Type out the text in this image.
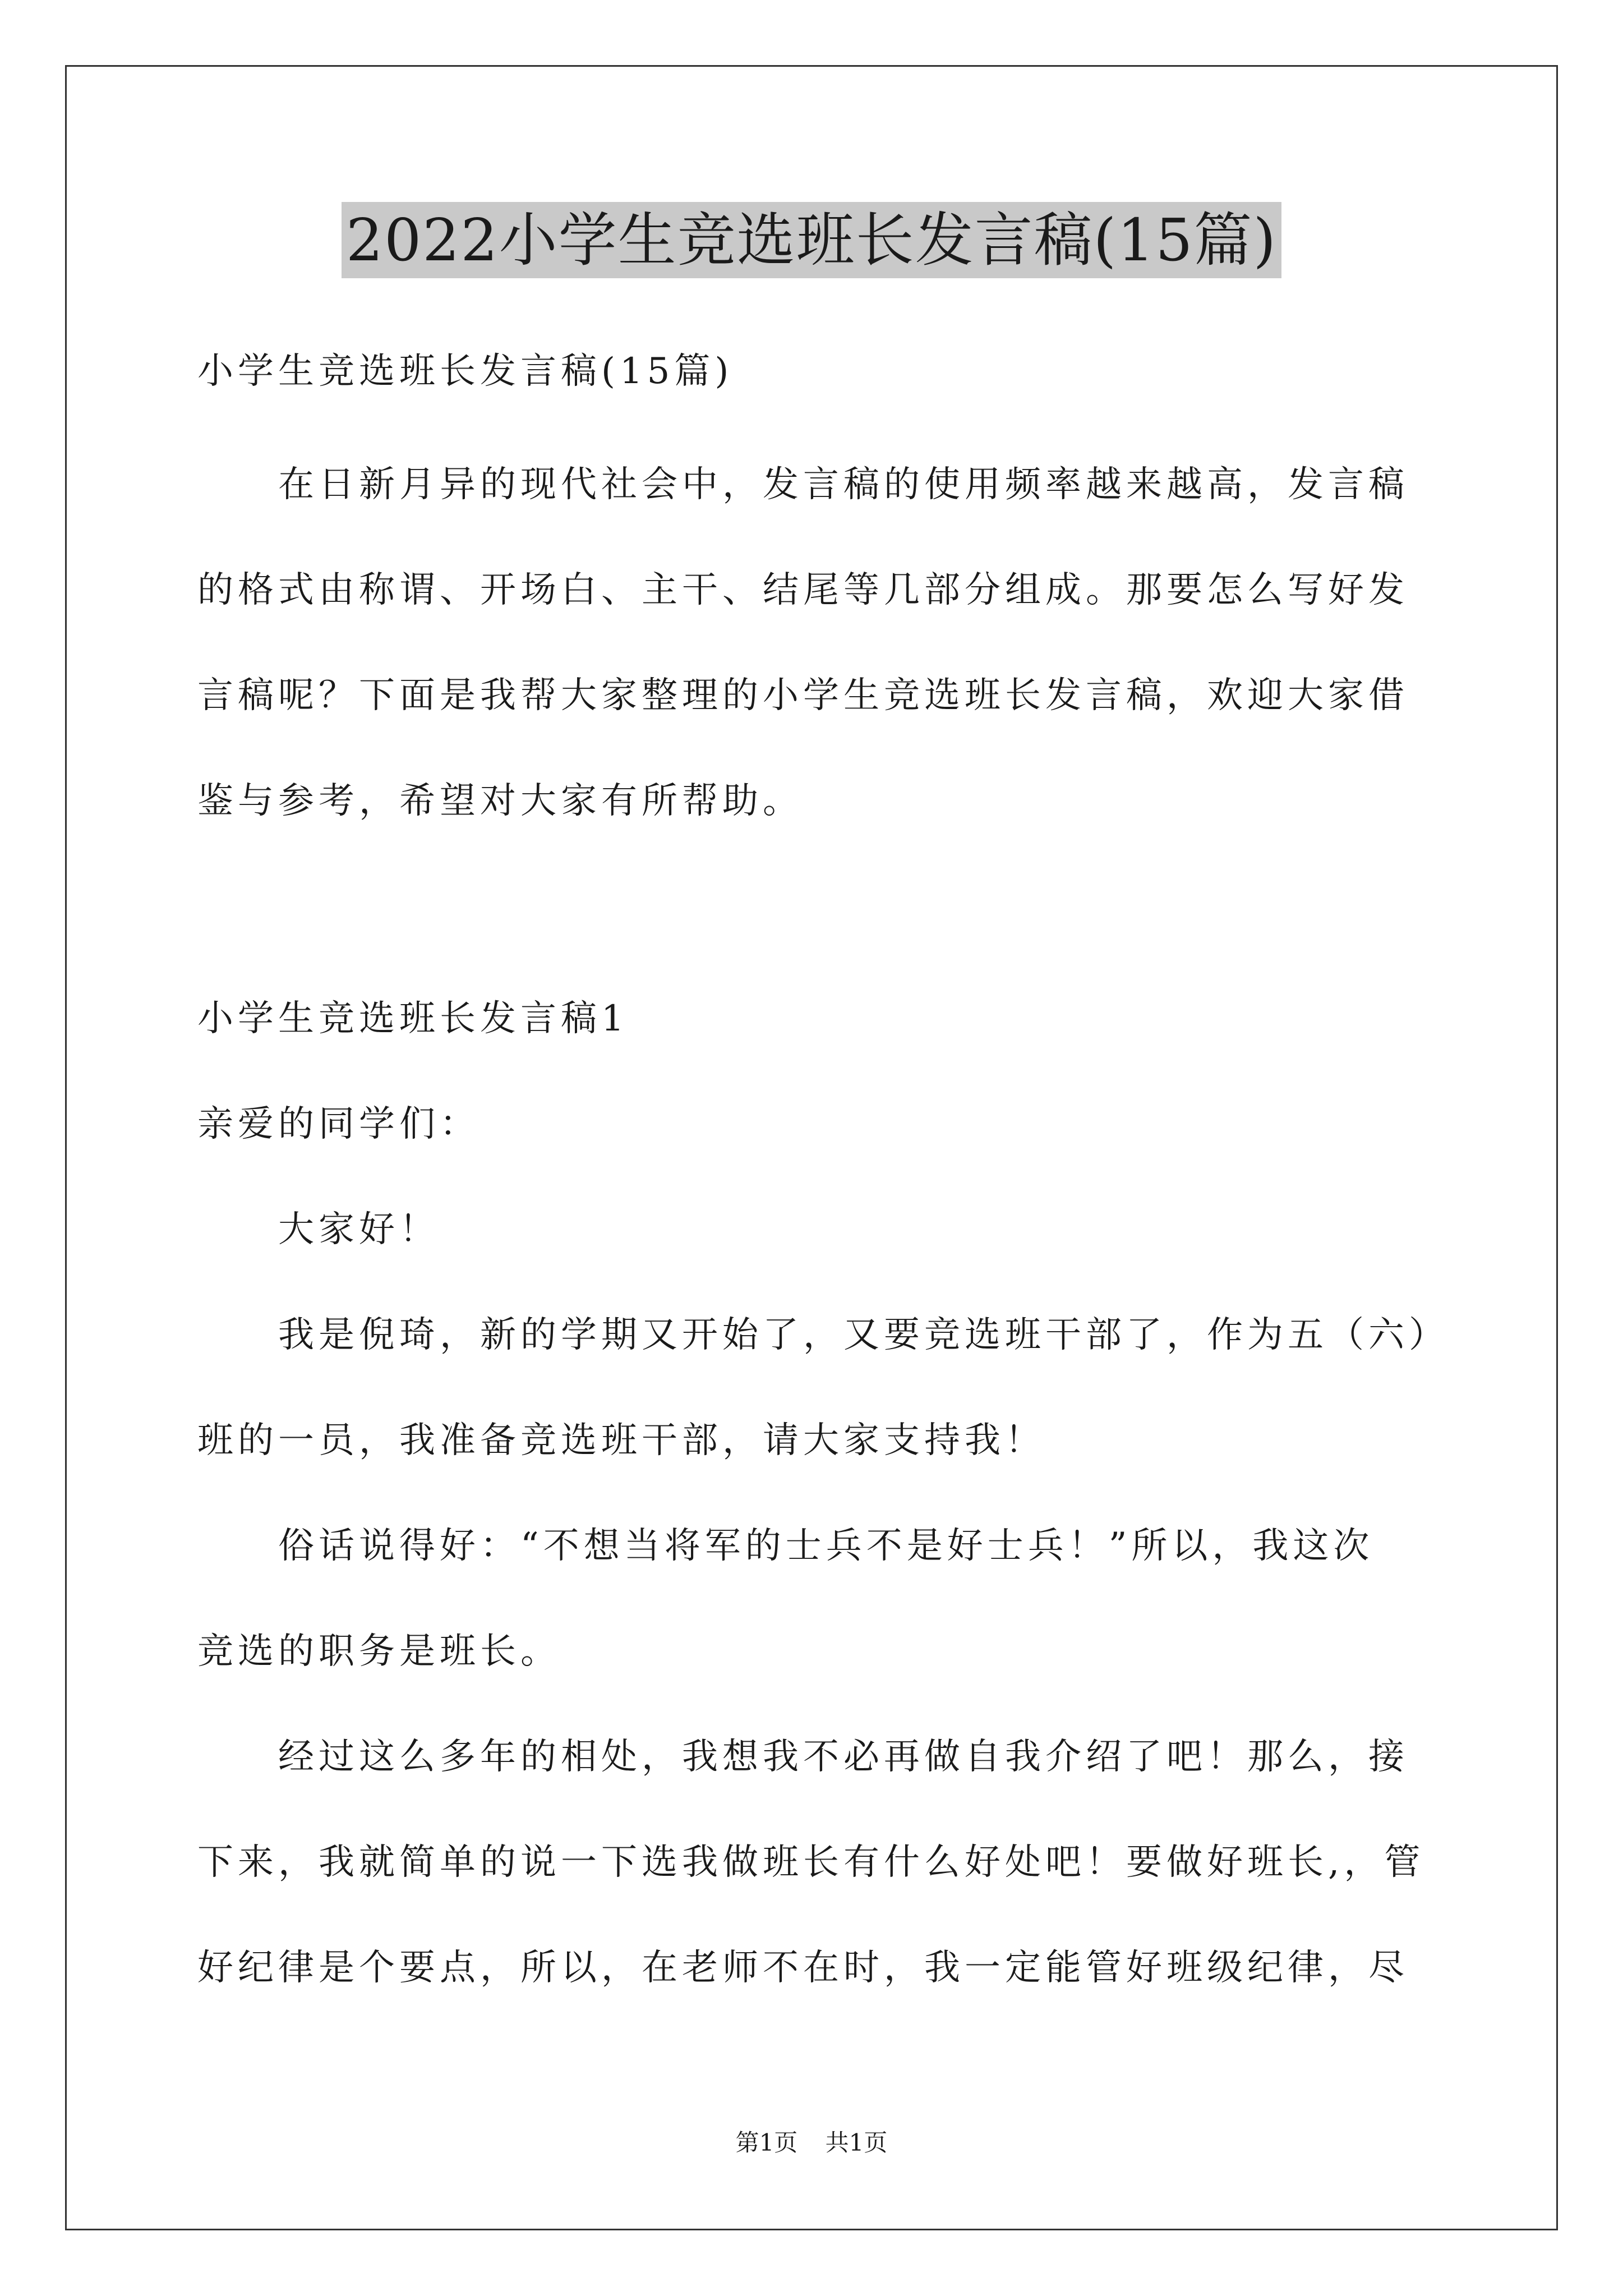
2022小学生竞选班长发言稿(15篇)

小学生竞选班长发言稿(15篇)

在日新月异的现代社会中，发言稿的使用频率越来越高，发言稿

的格式由称谓、开场白、主干、结尾等几部分组成。那要怎么写好发

言稿呢？下面是我帮大家整理的小学生竞选班长发言稿，欢迎大家借

鉴与参考，希望对大家有所帮助。

小学生竞选班长发言稿1

亲爱的同学们：

大家好！

我是倪琦，新的学期又开始了，又要竞选班干部了，作为五（六）

班的一员，我准备竞选班干部，请大家支持我！

俗话说得好：“不想当将军的士兵不是好士兵！”所以，我这次

竞选的职务是班长。

经过这么多年的相处，我想我不必再做自我介绍了吧！那么，接

下来，我就简单的说一下选我做班长有什么好处吧！要做好班长,，管

好纪律是个要点，所以，在老师不在时，我一定能管好班级纪律，尽

第1页 共1页
